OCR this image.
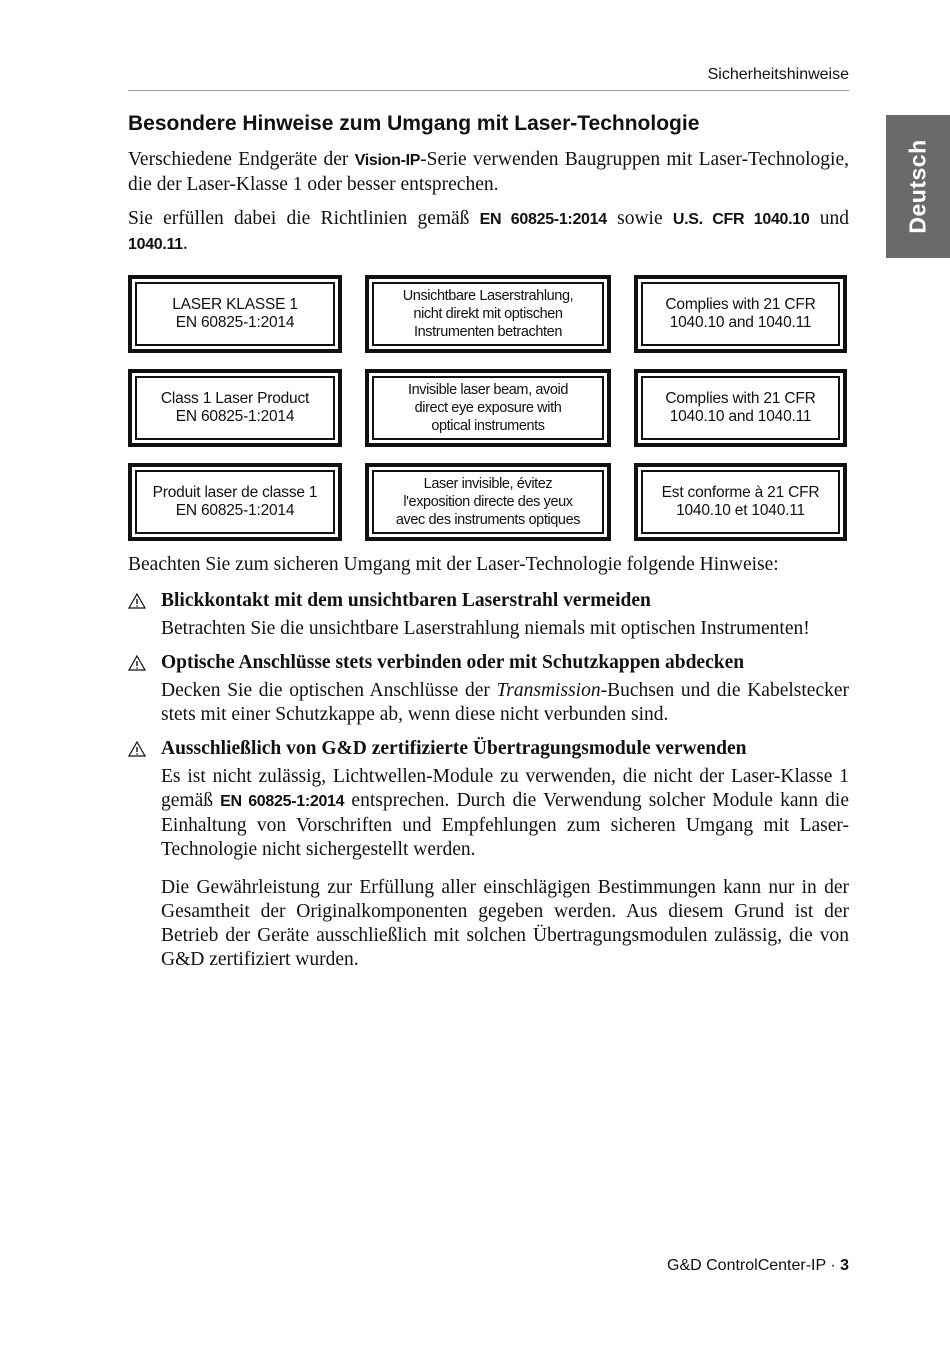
Sicherheitshinweise
Deutsch
Besondere Hinweise zum Umgang mit Laser-Technologie

Verschiedene Endgeräte der Vision-IP-Serie verwenden Baugruppen mit Laser-Technologie, die der Laser-Klasse 1 oder besser entsprechen.

Sie erfüllen dabei die Richtlinien gemäß EN 60825-1:2014 sowie U.S. CFR 1040.10 und 1040.11.

LASER KLASSE 1
EN 60825-1:2014
Unsichtbare Laserstrahlung,
nicht direkt mit optischen
Instrumenten betrachten
Complies with 21 CFR
1040.10 and 1040.11
Class 1 Laser Product
EN 60825-1:2014
Invisible laser beam, avoid
direct eye exposure with
optical instruments
Complies with 21 CFR
1040.10 and 1040.11
Produit laser de classe 1
EN 60825-1:2014
Laser invisible, évitez
l'exposition directe des yeux
avec des instruments optiques
Est conforme à 21 CFR
1040.10 et 1040.11

Beachten Sie zum sicheren Umgang mit der Laser-Technologie folgende Hinweise:

Blickkontakt mit dem unsichtbaren Laserstrahl vermeiden

Betrachten Sie die unsichtbare Laserstrahlung niemals mit optischen Instrumenten!

Optische Anschlüsse stets verbinden oder mit Schutzkappen abdecken

Decken Sie die optischen Anschlüsse der Transmission-Buchsen und die Kabelstecker stets mit einer Schutzkappe ab, wenn diese nicht verbunden sind.

Ausschließlich von G&D zertifizierte Übertragungsmodule verwenden

Es ist nicht zulässig, Lichtwellen-Module zu verwenden, die nicht der Laser-Klasse 1 gemäß EN 60825-1:2014 entsprechen. Durch die Verwendung solcher Module kann die Einhaltung von Vorschriften und Empfehlungen zum sicheren Umgang mit Laser-Technologie nicht sichergestellt werden.

Die Gewährleistung zur Erfüllung aller einschlägigen Bestimmungen kann nur in der Gesamtheit der Originalkomponenten gegeben werden. Aus diesem Grund ist der Betrieb der Geräte ausschließlich mit solchen Übertragungsmodulen zulässig, die von G&D zertifiziert wurden.

G&D ControlCenter-IP · 3
